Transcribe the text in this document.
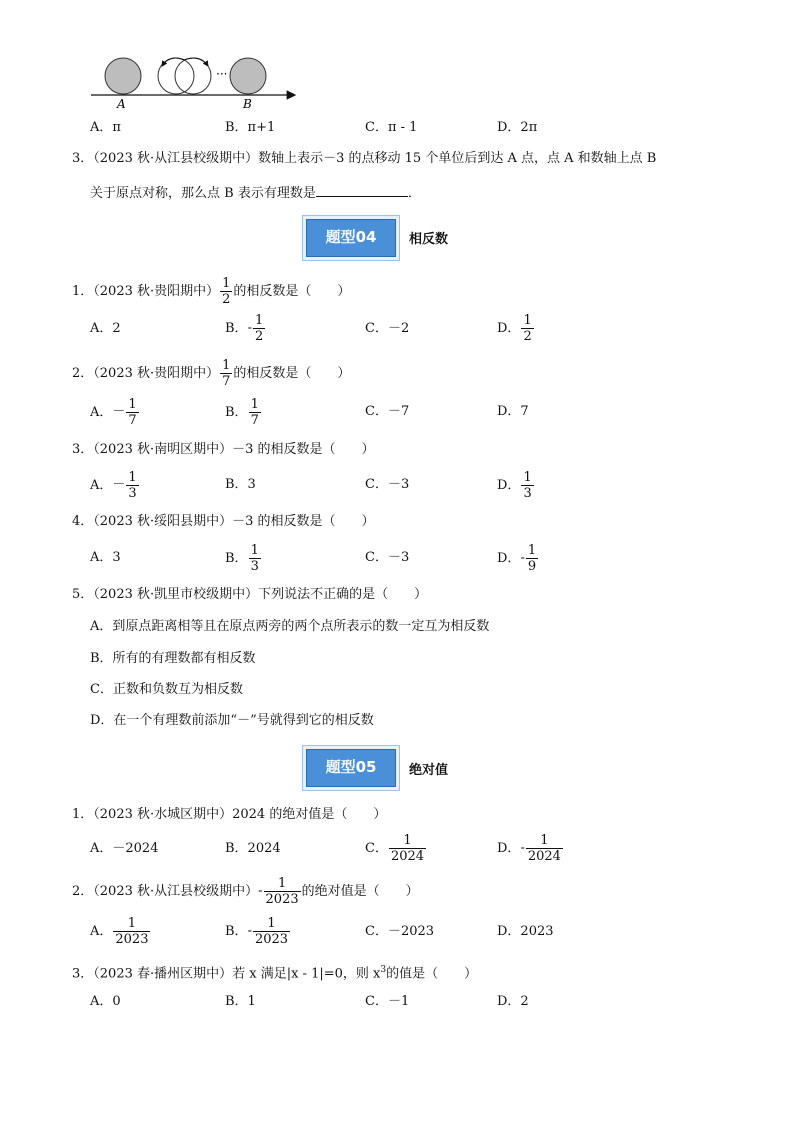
···
A	B
A．π	B．π+1	C．π - 1	D．2π
3．（2023 秋·从江县校级期中）数轴上表示－3 的点移动 15 个单位后到达 A 点，点 A 和数轴上点 B
关于原点对称，那么点 B 表示有理数是	．
题型04	相反数
1．（2023 秋·贵阳期中） $\frac{1}{2}$ 的相反数是（　　）
A．2	B．- $\frac{1}{2}$	C．－2	D． $\frac{1}{2}$
2．（2023 秋·贵阳期中） $\frac{1}{7}$ 的相反数是（　　）
A．－ $\frac{1}{7}$	B． $\frac{1}{7}$	C．－7	D．7
3．（2023 秋·南明区期中）－3 的相反数是（　　）
A．－ $\frac{1}{3}$	B．3	C．－3	D． $\frac{1}{3}$
4．（2023 秋·绥阳县期中）－3 的相反数是（　　）
A．3	B． $\frac{1}{3}$	C．－3	D．- $\frac{1}{9}$
5．（2023 秋·凯里市校级期中）下列说法不正确的是（　　）
A．到原点距离相等且在原点两旁的两个点所表示的数一定互为相反数
B．所有的有理数都有相反数
C．正数和负数互为相反数
D．在一个有理数前添加“－”号就得到它的相反数
题型05	绝对值
1．（2023 秋·水城区期中）2024 的绝对值是（　　）
A．－2024	B．2024	C． $\frac{1}{2024}$	D．- $\frac{1}{2024}$
2．（2023 秋·从江县校级期中）- $\frac{1}{2023}$ 的绝对值是（　　）
A． $\frac{1}{2023}$	B．- $\frac{1}{2023}$	C．－2023	D．2023
3．（2023 春·播州区期中）若 x 满足|x - 1|=0，则 $x^3$的值是（　　）
A．0	B．1	C．－1	D．2
